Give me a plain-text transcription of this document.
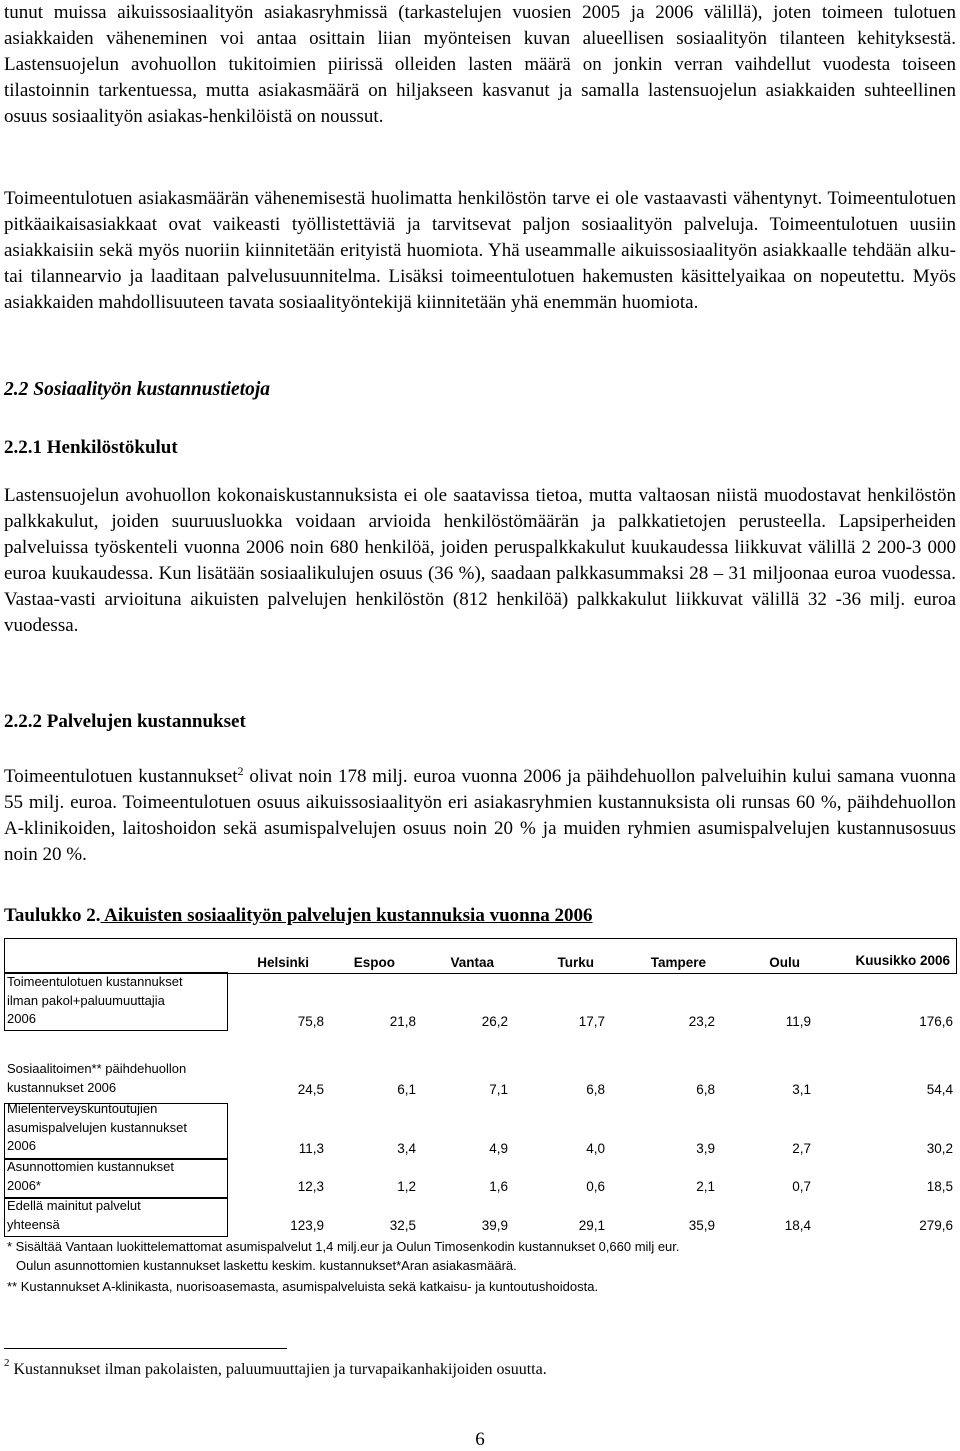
tunut muissa aikuissosiaalityön asiakasryhmissä (tarkastelujen vuosien 2005 ja 2006 välillä), joten toimeen tulotuen asiakkaiden väheneminen voi antaa osittain liian myönteisen kuvan alueellisen sosiaalityön tilanteen kehityksestä. Lastensuojelun avohuollon tukitoimien piirissä olleiden lasten määrä on jonkin verran vaihdellut vuodesta toiseen tilastoinnin tarkentuessa, mutta asiakasmäärä on hiljakseen kasvanut ja samalla lastensuojelun asiakkaiden suhteellinen osuus sosiaalityön asiakas-henkilöistä on noussut.

Toimeentulotuen asiakasmäärän vähenemisestä huolimatta henkilöstön tarve ei ole vastaavasti vähentynyt. Toimeentulotuen pitkäaikaisasiakkaat ovat vaikeasti työllistettäviä ja tarvitsevat paljon sosiaalityön palveluja. Toimeentulotuen uusiin asiakkaisiin sekä myös nuoriin kiinnitetään erityistä huomiota. Yhä useammalle aikuissosiaalityön asiakkaalle tehdään alku- tai tilannearvio ja laaditaan palvelusuunnitelma. Lisäksi toimeentulotuen hakemusten käsittelyaikaa on nopeutettu. Myös asiakkaiden mahdollisuuteen tavata sosiaalityöntekijä kiinnitetään yhä enemmän huomiota.

2.2 Sosiaalityön kustannustietoja
2.2.1 Henkilöstökulut

Lastensuojelun avohuollon kokonaiskustannuksista ei ole saatavissa tietoa, mutta valtaosan niistä muodostavat henkilöstön palkkakulut, joiden suuruusluokka voidaan arvioida henkilöstömäärän ja palkkatietojen perusteella. Lapsiperheiden palveluissa työskenteli vuonna 2006 noin 680 henkilöä, joiden peruspalkkakulut kuukaudessa liikkuvat välillä 2 200-3 000 euroa kuukaudessa. Kun lisätään sosiaalikulujen osuus (36 %), saadaan palkkasummaksi 28 – 31 miljoonaa euroa vuodessa. Vastaa-vasti arvioituna aikuisten palvelujen henkilöstön (812 henkilöä) palkkakulut liikkuvat välillä 32 -36 milj. euroa vuodessa.

2.2.2 Palvelujen kustannukset

Toimeentulotuen kustannukset$^2$ olivat noin 178 milj. euroa vuonna 2006 ja päihdehuollon palveluihin kului samana vuonna 55 milj. euroa. Toimeentulotuen osuus aikuissosiaalityön eri asiakasryhmien kustannuksista oli runsas 60 %, päihdehuollon A-klinikoiden, laitoshoidon sekä asumispalvelujen osuus noin 20 % ja muiden ryhmien asumispalvelujen kustannusosuus noin 20 %.

Taulukko 2. Aikuisten sosiaalityön palvelujen kustannuksia vuonna 2006
Helsinki	Espoo	Vantaa	Turku	Tampere	Oulu	Kuusikko 2006
Toimeentulotuen kustannukset
ilman pakol+paluumuuttajia
2006	75,8	21,8	26,2	17,7	23,2	11,9	176,6
Sosiaalitoimen** päihdehuollon
kustannukset 2006	24,5	6,1	7,1	6,8	6,8	3,1	54,4
Mielenterveyskuntoutujien
asumispalvelujen kustannukset
2006	11,3	3,4	4,9	4,0	3,9	2,7	30,2
Asunnottomien kustannukset
2006*	12,3	1,2	1,6	0,6	2,1	0,7	18,5
Edellä mainitut palvelut
yhteensä	123,9	32,5	39,9	29,1	35,9	18,4	279,6

* Sisältää Vantaan luokittelemattomat asumispalvelut 1,4 milj.eur ja Oulun Timosenkodin kustannukset 0,660 milj eur.

Oulun asunnottomien kustannukset laskettu keskim. kustannukset*Aran asiakasmäärä.

** Kustannukset A-klinikasta, nuorisoasemasta, asumispalveluista sekä katkaisu- ja kuntoutushoidosta.

$^2$ Kustannukset ilman pakolaisten, paluumuuttajien ja turvapaikanhakijoiden osuutta.

6
